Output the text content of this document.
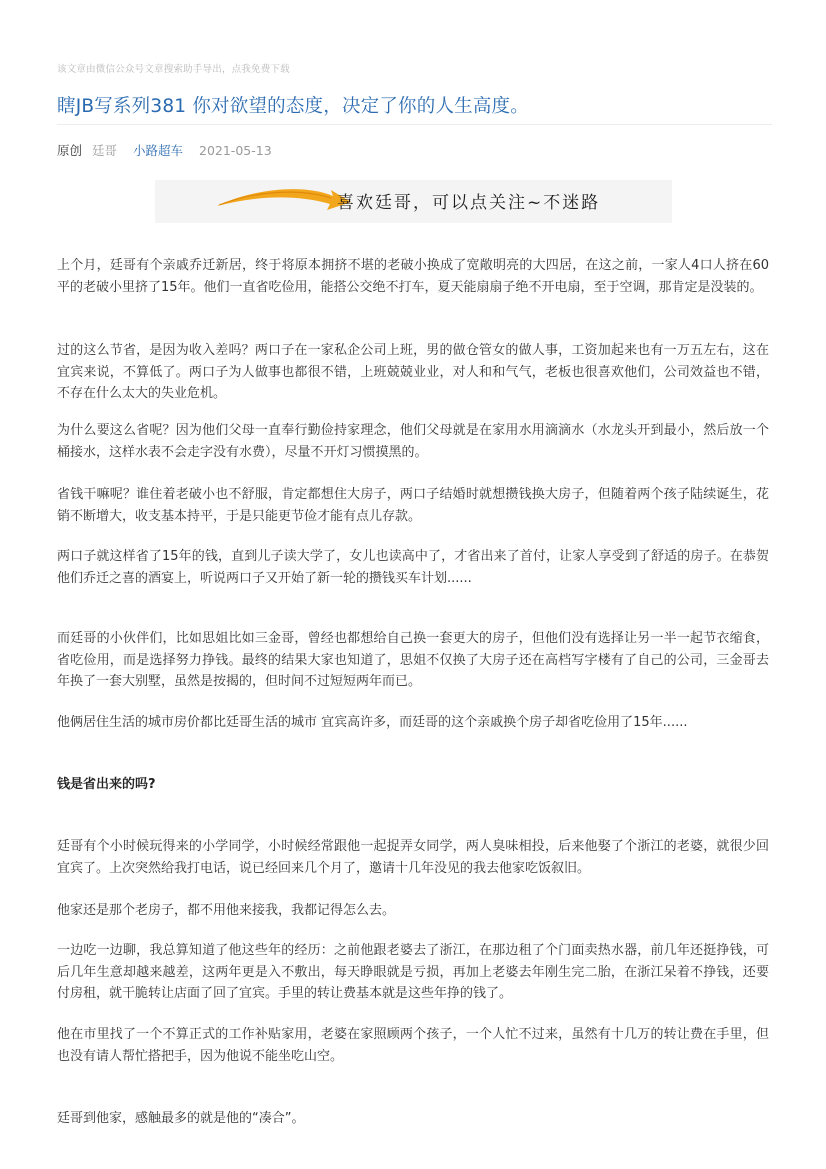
该文章由微信公众号文章搜索助手导出，点我免费下载
瞎JB写系列381 你对欲望的态度，决定了你的人生高度。
原创 廷哥 小路超车 2021-05-13
喜欢廷哥，可以点关注~不迷路

上个月，廷哥有个亲戚乔迁新居，终于将原本拥挤不堪的老破小换成了宽敞明亮的大四居，在这之前，一家人4口人挤在60平的老破小里挤了15年。他们一直省吃俭用，能搭公交绝不打车，夏天能扇扇子绝不开电扇，至于空调，那肯定是没装的。

过的这么节省，是因为收入差吗？两口子在一家私企公司上班，男的做仓管女的做人事，工资加起来也有一万五左右，这在宜宾来说，不算低了。两口子为人做事也都很不错，上班兢兢业业，对人和和气气，老板也很喜欢他们，公司效益也不错，不存在什么太大的失业危机。

为什么要这么省呢？因为他们父母一直奉行勤俭持家理念，他们父母就是在家用水用滴滴水（水龙头开到最小，然后放一个桶接水，这样水表不会走字没有水费），尽量不开灯习惯摸黑的。

省钱干嘛呢？谁住着老破小也不舒服，肯定都想住大房子，两口子结婚时就想攒钱换大房子，但随着两个孩子陆续诞生，花销不断增大，收支基本持平，于是只能更节俭才能有点儿存款。

两口子就这样省了15年的钱，直到儿子读大学了，女儿也读高中了，才省出来了首付，让家人享受到了舒适的房子。在恭贺他们乔迁之喜的酒宴上，听说两口子又开始了新一轮的攒钱买车计划......

而廷哥的小伙伴们，比如思姐比如三金哥，曾经也都想给自己换一套更大的房子，但他们没有选择让另一半一起节衣缩食，省吃俭用，而是选择努力挣钱。最终的结果大家也知道了，思姐不仅换了大房子还在高档写字楼有了自己的公司，三金哥去年换了一套大别墅，虽然是按揭的，但时间不过短短两年而已。

他俩居住生活的城市房价都比廷哥生活的城市 宜宾高许多，而廷哥的这个亲戚换个房子却省吃俭用了15年......

钱是省出来的吗?

廷哥有个小时候玩得来的小学同学，小时候经常跟他一起捉弄女同学，两人臭味相投，后来他娶了个浙江的老婆，就很少回宜宾了。上次突然给我打电话，说已经回来几个月了，邀请十几年没见的我去他家吃饭叙旧。

他家还是那个老房子，都不用他来接我，我都记得怎么去。

一边吃一边聊，我总算知道了他这些年的经历：之前他跟老婆去了浙江，在那边租了个门面卖热水器，前几年还挺挣钱，可后几年生意却越来越差，这两年更是入不敷出，每天睁眼就是亏损，再加上老婆去年刚生完二胎，在浙江呆着不挣钱，还要付房租，就干脆转让店面了回了宜宾。手里的转让费基本就是这些年挣的钱了。

他在市里找了一个不算正式的工作补贴家用，老婆在家照顾两个孩子，一个人忙不过来，虽然有十几万的转让费在手里，但也没有请人帮忙搭把手，因为他说不能坐吃山空。

廷哥到他家，感触最多的就是他的“凑合”。
